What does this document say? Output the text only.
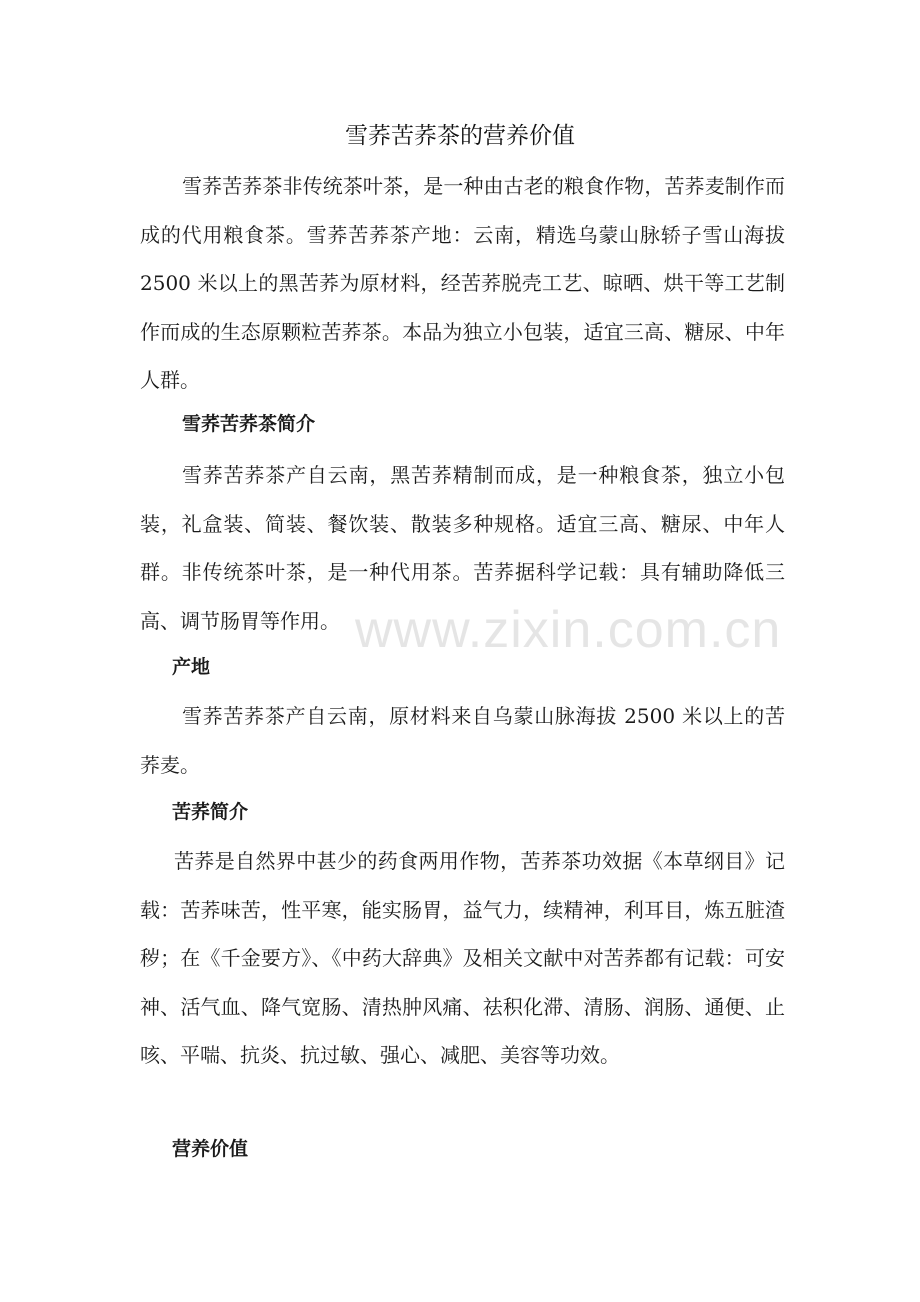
雪荞苦荞茶的营养价值

雪荞苦荞茶非传统茶叶茶，是一种由古老的粮食作物，苦荞麦制作而成的代用粮食茶。雪荞苦荞茶产地：云南，精选乌蒙山脉轿子雪山海拔 2500 米以上的黑苦荞为原材料，经苦荞脱壳工艺、晾晒、烘干等工艺制作而成的生态原颗粒苦荞茶。本品为独立小包装，适宜三高、糖尿、中年人群。

雪荞苦荞茶简介

雪荞苦荞茶产自云南，黑苦荞精制而成，是一种粮食茶，独立小包装，礼盒装、简装、餐饮装、散装多种规格。适宜三高、糖尿、中年人群。非传统茶叶茶，是一种代用茶。苦荞据科学记载：具有辅助降低三高、调节肠胃等作用。

产地

雪荞苦荞茶产自云南，原材料来自乌蒙山脉海拔 2500 米以上的苦荞麦。

苦荞简介

苦荞是自然界中甚少的药食两用作物，苦荞茶功效据《本草纲目》记载：苦荞味苦，性平寒，能实肠胃，益气力，续精神，利耳目，炼五脏渣秽；在《千金要方》、《中药大辞典》及相关文献中对苦荞都有记载：可安神、活气血、降气宽肠、清热肿风痛、祛积化滞、清肠、润肠、通便、止咳、平喘、抗炎、抗过敏、强心、减肥、美容等功效。

营养价值
www.zixin.com.cn
